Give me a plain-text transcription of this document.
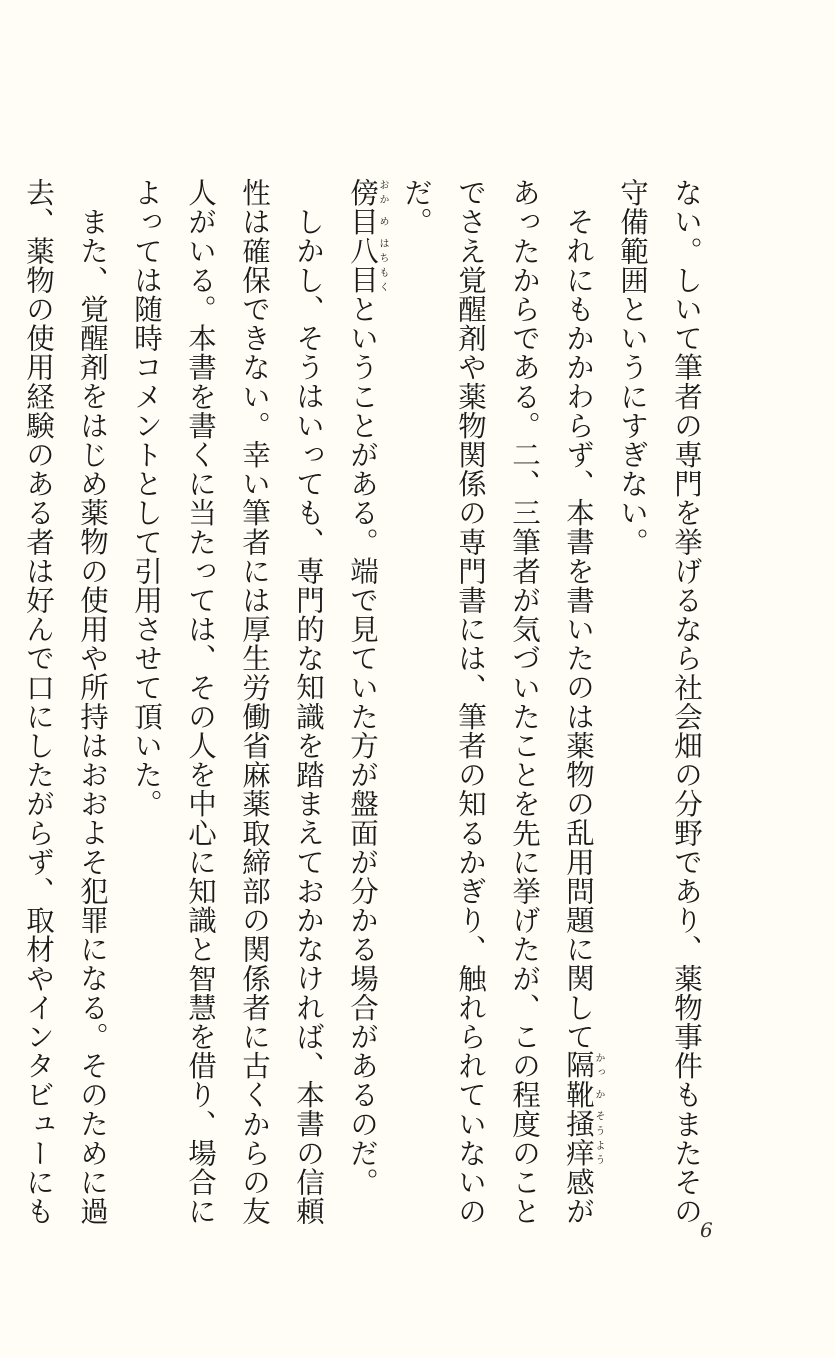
ない。しいて筆者の専門を挙げるなら社会畑の分野であり、薬物事件もまたその守備範囲というにすぎない。

それにもかかわらず、本書を書いたのは薬物の乱用問題に関して隔かっ靴か掻そう痒よう感があったからである。二、三筆者が気づいたことを先に挙げたが、この程度のことでさえ覚醒剤や薬物関係の専門書には、筆者の知るかぎり、触れられていないのだ。

傍おか目め八はち目もくということがある。端で見ていた方が盤面が分かる場合があるのだ。

しかし、そうはいっても、専門的な知識を踏まえておかなければ、本書の信頼性は確保できない。幸い筆者には厚生労働省麻薬取締部の関係者に古くからの友人がいる。本書を書くに当たっては、その人を中心に知識と智慧を借り、場合によっては随時コメントとして引用させて頂いた。

また、覚醒剤をはじめ薬物の使用や所持はおおよそ犯罪になる。そのために過去、薬物の使用経験のある者は好んで口にしたがらず、取材やインタビューにも

6
